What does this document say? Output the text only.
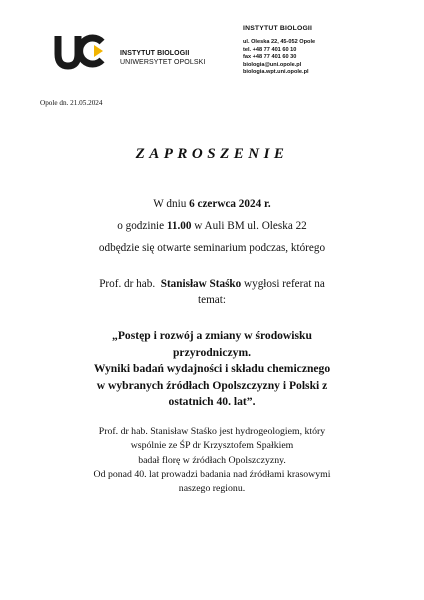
INSTYTUT BIOLOGII
UNIWERSYTET OPOLSKI
INSTYTUT BIOLOGII
ul. Oleska 22, 45-052 Opole
tel. +48 77 401 60 10
fax +48 77 401 60 30
biologia@uni.opole.pl
biologia.wpt.uni.opole.pl
Opole dn. 21.05.2024
ZAPROSZENIE
W dniu 6 czerwca 2024 r.
o godzinie 11.00 w Auli BM ul. Oleska 22
odbędzie się otwarte seminarium podczas, którego
Prof. dr hab.  Stanisław Staśko wygłosi referat na
temat:
„Postęp i rozwój a zmiany w środowisku
przyrodniczym.
Wyniki badań wydajności i składu chemicznego
w wybranych źródłach Opolszczyzny i Polski z
ostatnich 40. lat”.
Prof. dr hab. Stanisław Staśko jest hydrogeologiem, który
wspólnie ze ŚP dr Krzysztofem Spałkiem
badał florę w źródłach Opolszczyzny.
Od ponad 40. lat prowadzi badania nad źródłami krasowymi
naszego regionu.
